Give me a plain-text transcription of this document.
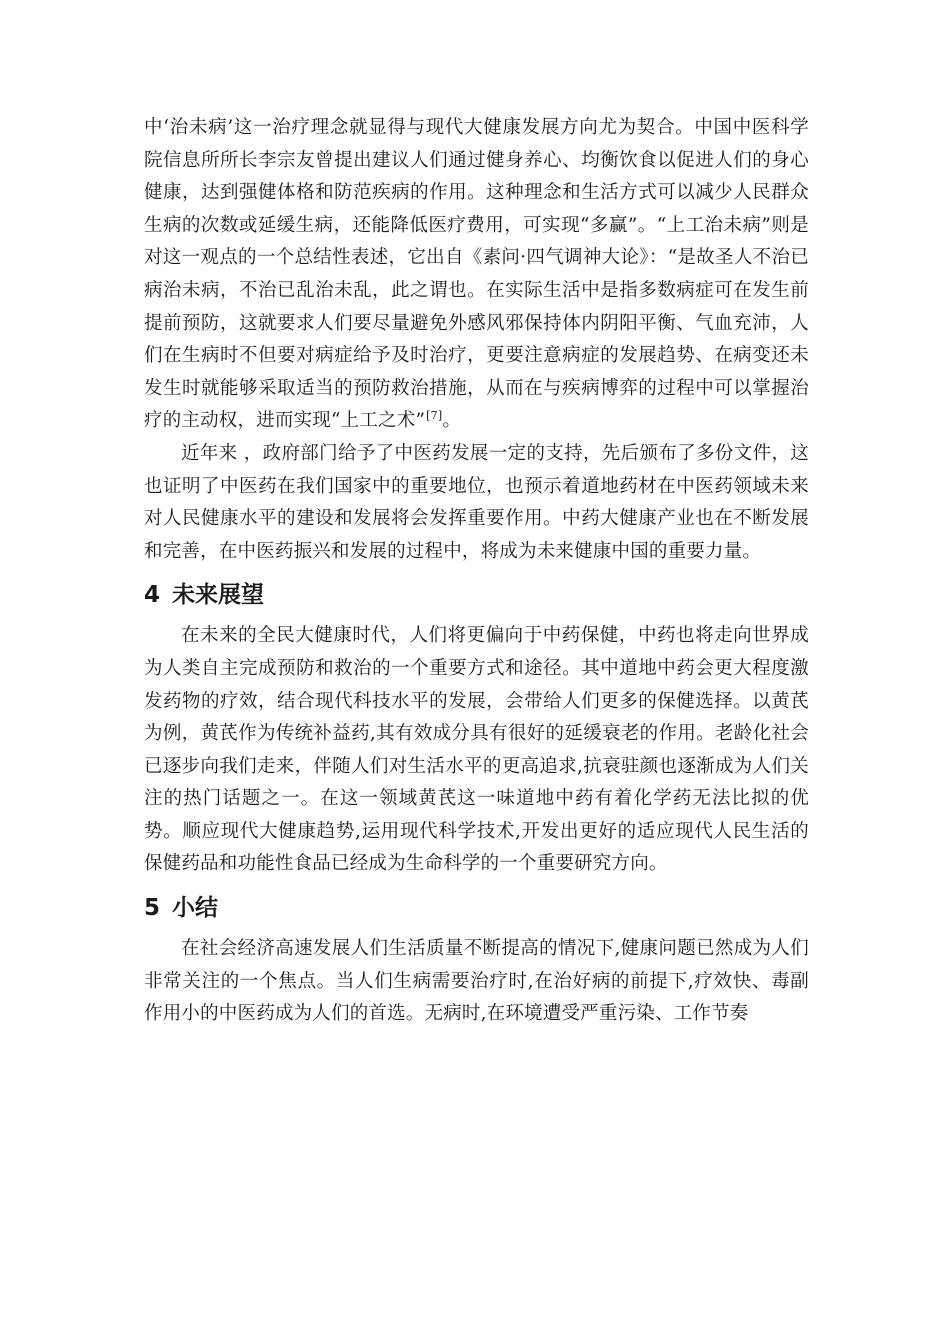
中‘治未病’这一治疗理念就显得与现代大健康发展方向尤为契合。中国中医科学院信息所所长李宗友曾提出建议人们通过健身养心、均衡饮食以促进人们的身心健康，达到强健体格和防范疾病的作用。这种理念和生活方式可以减少人民群众生病的次数或延缓生病，还能降低医疗费用，可实现“多赢”。“上工治未病”则是对这一观点的一个总结性表述，它出自《素问·四气调神大论》：“是故圣人不治已病治未病，不治已乱治未乱，此之谓也。在实际生活中是指多数病症可在发生前提前预防，这就要求人们要尽量避免外感风邪保持体内阴阳平衡、气血充沛，人们在生病时不但要对病症给予及时治疗，更要注意病症的发展趋势、在病变还未发生时就能够采取适当的预防救治措施，从而在与疾病博弈的过程中可以掌握治疗的主动权，进而实现“上工之术”[7]。

近年来 ，政府部门给予了中医药发展一定的支持，先后颁布了多份文件，这也证明了中医药在我们国家中的重要地位，也预示着道地药材在中医药领域未来对人民健康水平的建设和发展将会发挥重要作用。中药大健康产业也在不断发展和完善，在中医药振兴和发展的过程中，将成为未来健康中国的重要力量。

4 未来展望

在未来的全民大健康时代，人们将更偏向于中药保健，中药也将走向世界成为人类自主完成预防和救治的一个重要方式和途径。其中道地中药会更大程度激发药物的疗效，结合现代科技水平的发展，会带给人们更多的保健选择。以黄芪为例，黄芪作为传统补益药,其有效成分具有很好的延缓衰老的作用。老龄化社会已逐步向我们走来，伴随人们对生活水平的更高追求,抗衰驻颜也逐渐成为人们关注的热门话题之一。在这一领域黄芪这一味道地中药有着化学药无法比拟的优势。顺应现代大健康趋势,运用现代科学技术,开发出更好的适应现代人民生活的保健药品和功能性食品已经成为生命科学的一个重要研究方向。

5 小结

在社会经济高速发展人们生活质量不断提高的情况下,健康问题已然成为人们非常关注的一个焦点。当人们生病需要治疗时,在治好病的前提下,疗效快、毒副作用小的中医药成为人们的首选。无病时,在环境遭受严重污染、工作节奏
